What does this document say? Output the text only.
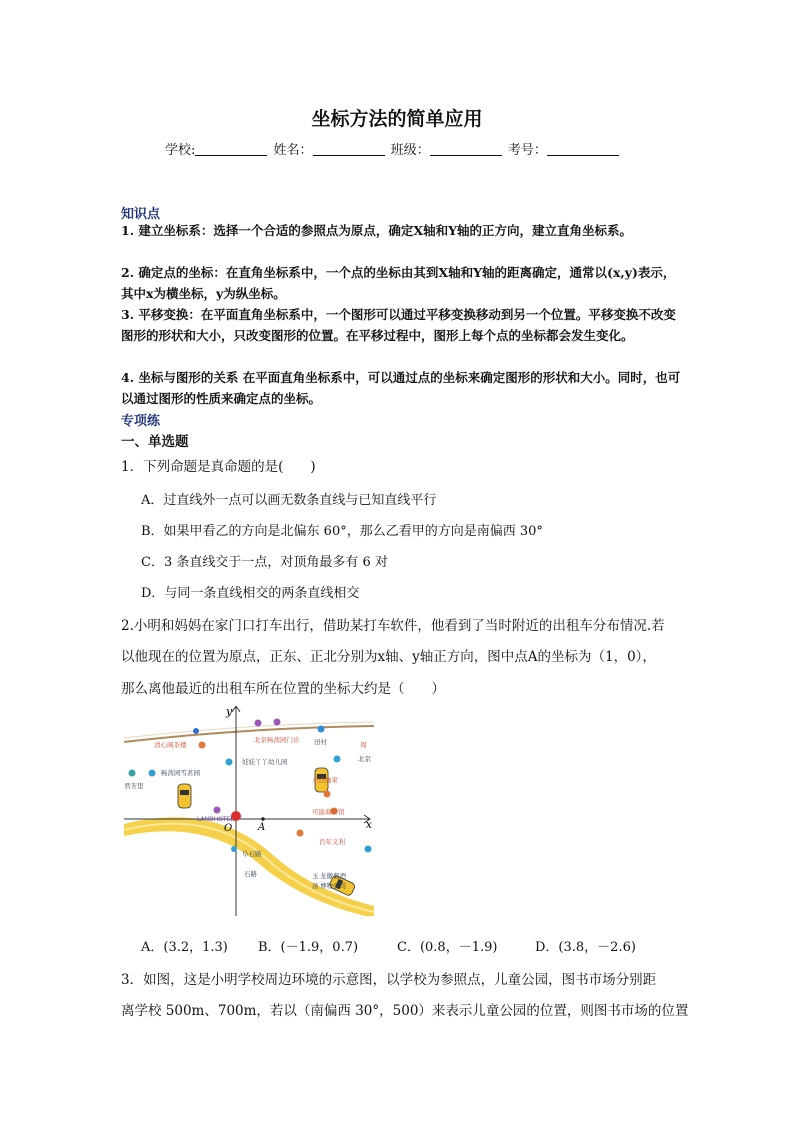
坐标方法的简单应用
学校:	姓名：	班级：	考号：
知识点
1. 建立坐标系：选择一个合适的参照点为原点，确定X轴和Y轴的正方向，建立直角坐标系。
2. 确定点的坐标：在直角坐标系中，一个点的坐标由其到X轴和Y轴的距离确定，通常以(x,y)表示，其中x为横坐标，y为纵坐标。
3. 平移变换：在平面直角坐标系中，一个图形可以通过平移变换移动到另一个位置。平移变换不改变图形的形状和大小，只改变图形的位置。在平移过程中，图形上每个点的坐标都会发生变化。
4. 坐标与图形的关系 在平面直角坐标系中，可以通过点的坐标来确定图形的形状和大小。同时，也可以通过图形的性质来确定点的坐标。
专项练
一、单选题
1．下列命题是真命题的是(　　)
A．过直线外一点可以画无数条直线与已知直线平行
B．如果甲看乙的方向是北偏东 60°，那么乙看甲的方向是南偏西 30°
C．3 条直线交于一点，对顶角最多有 6 对
D．与同一条直线相交的两条直线相交
2.小明和妈妈在家门口打车出行，借助某打车软件，他看到了当时附近的出租车分布情况.若
以他现在的位置为原点，正东、正北分别为x轴、y轴正方向，图中点A的坐标为（1，0），
那么离他最近的出租车所在位置的坐标大约是（　　）
清心阁茶楼
北京畅茜园门诊
永达逸家
可能海鲜馆
百年义利
周
田村
畅茜园雪茗园
娃娃丫丫幼儿园	北京
君芳里
阜石路
玉
汤
龙徽葡酒
博物公司
石路
LANDHOTEL	x
y
O	A
A．(3.2，1.3) B．(－1.9，0.7)	C．(0.8，－1.9)	D．(3.8，－2.6)
3．如图，这是小明学校周边环境的示意图，以学校为参照点，儿童公园，图书市场分别距
离学校 500m、700m，若以（南偏西 30°，500）来表示儿童公园的位置，则图书市场的位置
